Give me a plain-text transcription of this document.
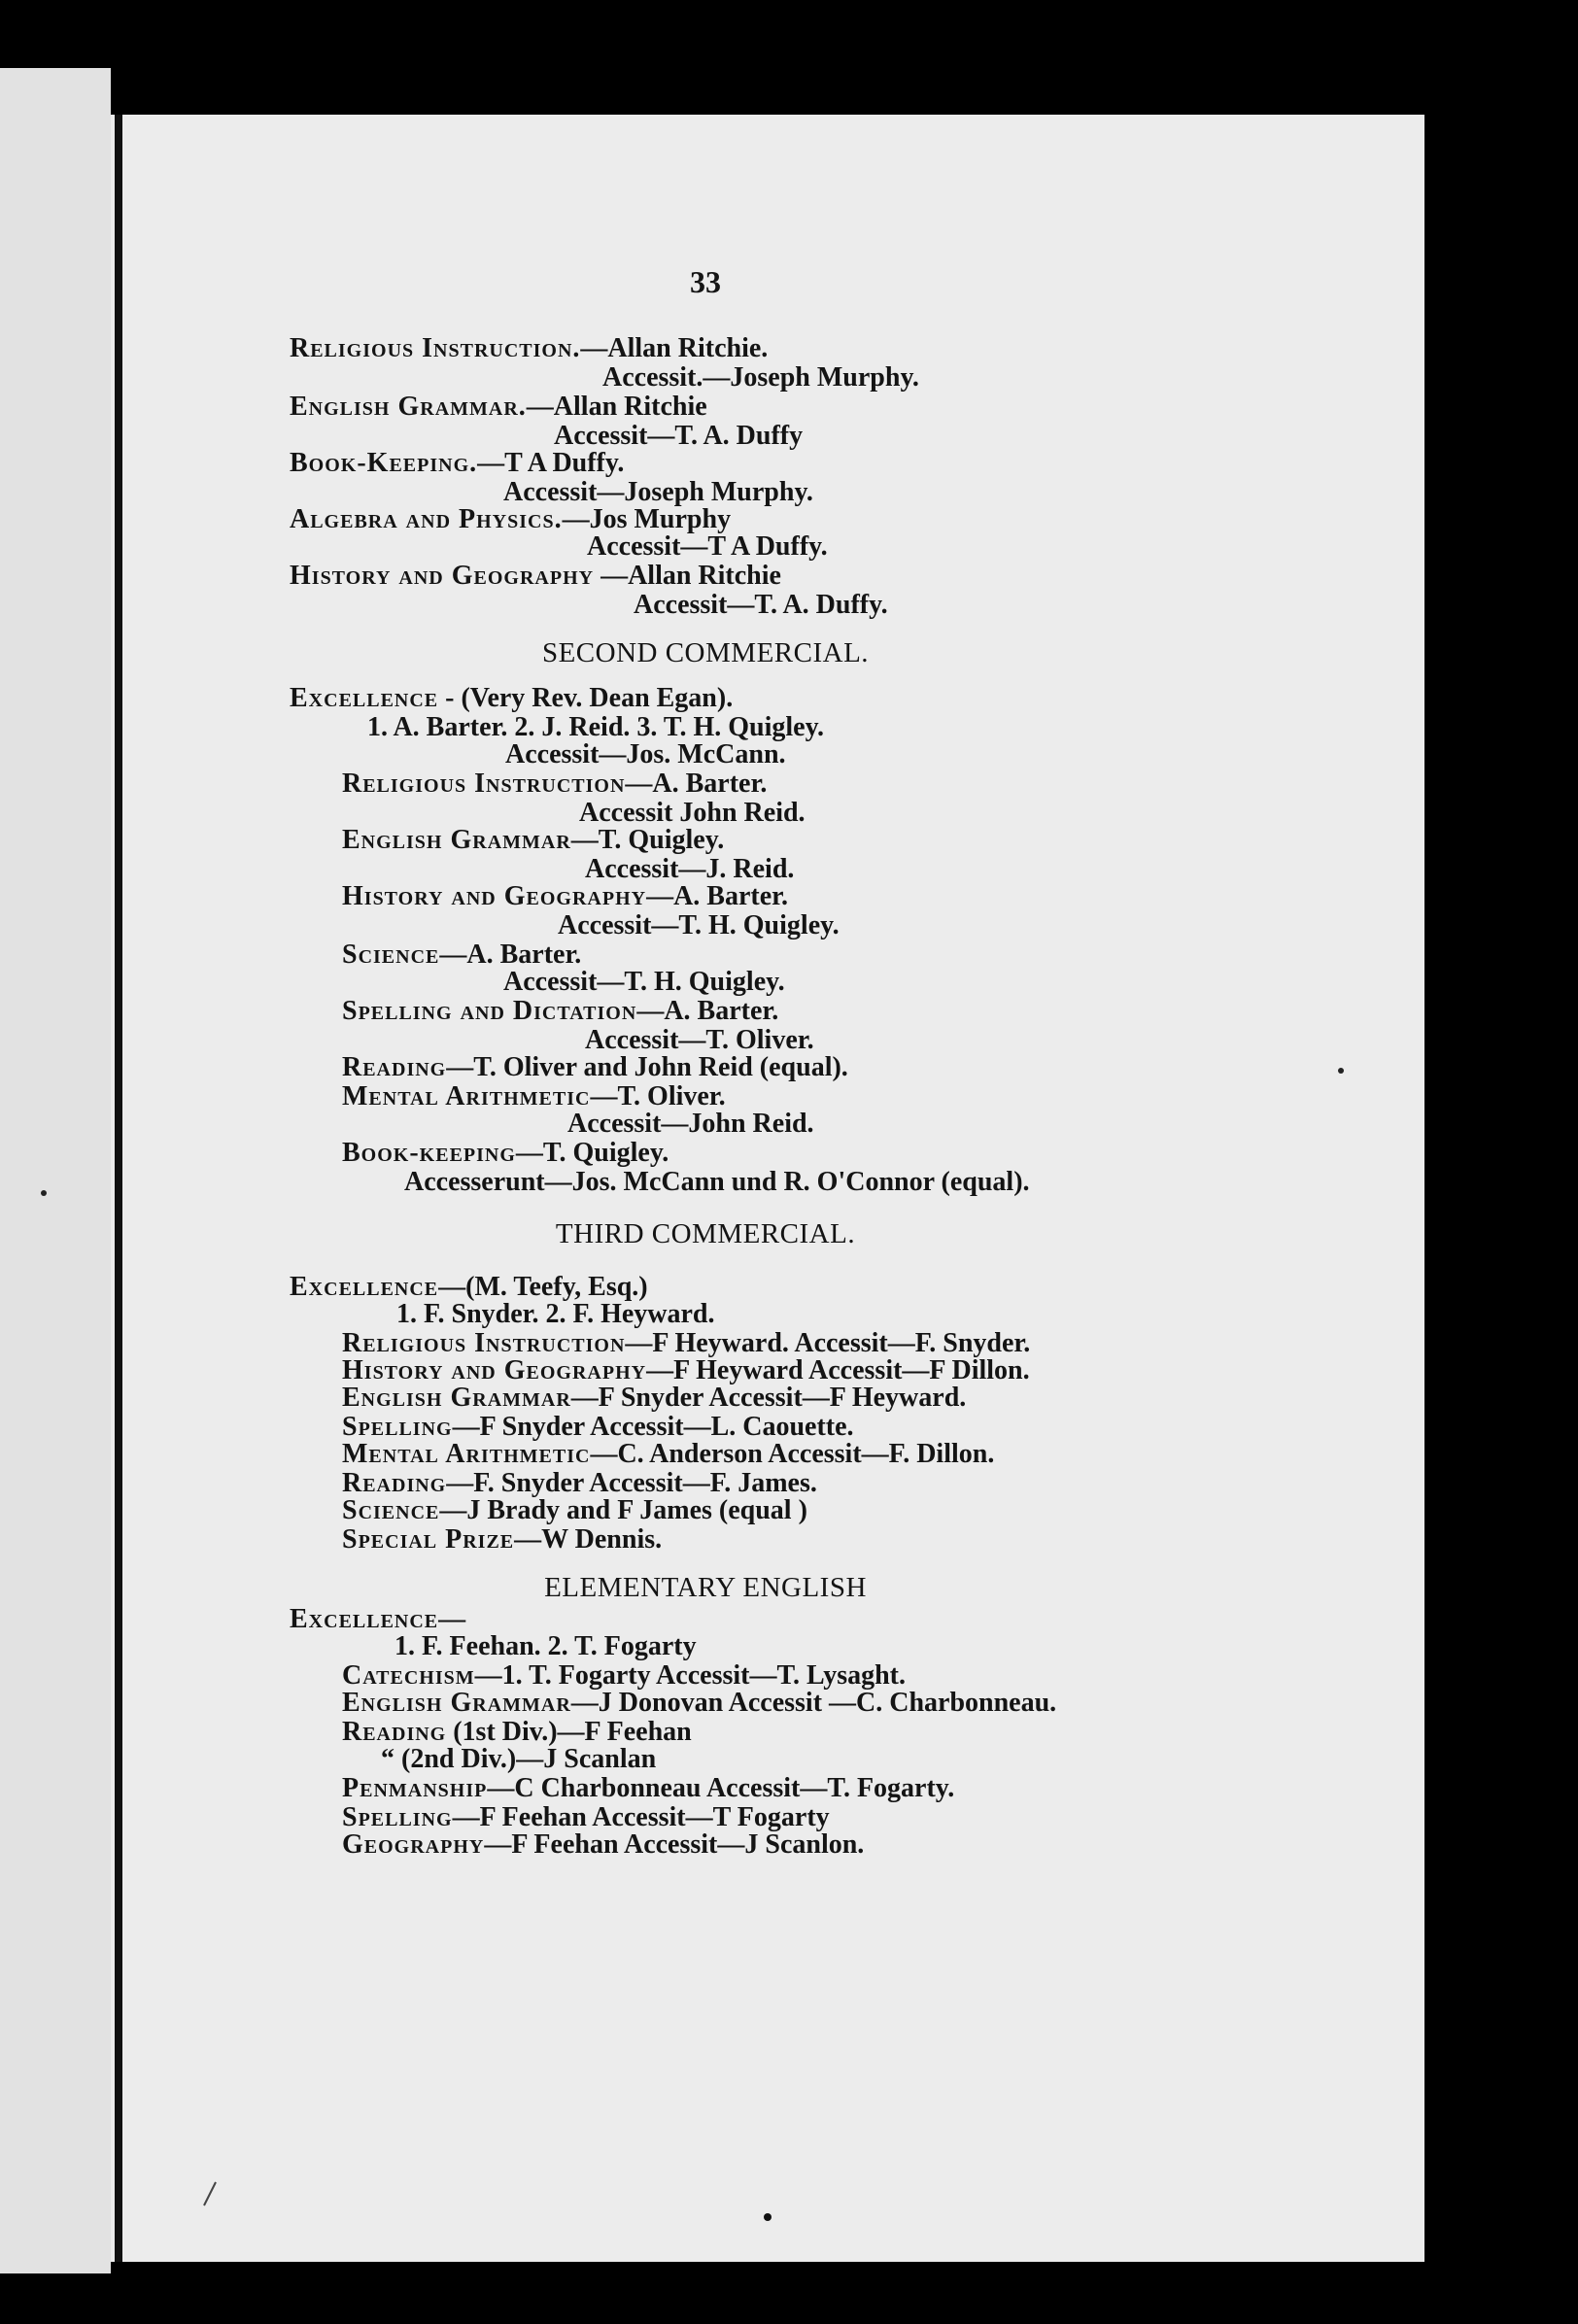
33
Religious Instruction.—Allan Ritchie.
Accessit.—Joseph Murphy.
English Grammar.—Allan Ritchie
Accessit—T. A. Duffy
Book-Keeping.—T A Duffy.
Accessit—Joseph Murphy.
Algebra and Physics.—Jos Murphy
Accessit—T A Duffy.
History and Geography —Allan Ritchie
Accessit—T. A. Duffy.
SECOND COMMERCIAL.
Excellence - (Very Rev. Dean Egan).
1. A. Barter. 2. J. Reid. 3. T. H. Quigley.
Accessit—Jos. McCann.
Religious Instruction—A. Barter.
Accessit John Reid.
English Grammar—T. Quigley.
Accessit—J. Reid.
History and Geography—A. Barter.
Accessit—T. H. Quigley.
Science—A. Barter.
Accessit—T. H. Quigley.
Spelling and Dictation—A. Barter.
Accessit—T. Oliver.
Reading—T. Oliver and John Reid (equal).
Mental Arithmetic—T. Oliver.
Accessit—John Reid.
Book-keeping—T. Quigley.
Accesserunt—Jos. McCann und R. O'Connor (equal).
THIRD COMMERCIAL.
Excellence—(M. Teefy, Esq.)
1. F. Snyder. 2. F. Heyward.
Religious Instruction—F Heyward. Accessit—F. Snyder.
History and Geography—F Heyward Accessit—F Dillon.
English Grammar—F Snyder Accessit—F Heyward.
Spelling—F Snyder Accessit—L. Caouette.
Mental Arithmetic—C. Anderson Accessit—F. Dillon.
Reading—F. Snyder Accessit—F. James.
Science—J Brady and F James (equal )
Special Prize—W Dennis.
ELEMENTARY ENGLISH
Excellence—
1. F. Feehan. 2. T. Fogarty
Catechism—1. T. Fogarty Accessit—T. Lysaght.
English Grammar—J Donovan Accessit —C. Charbonneau.
Reading (1st Div.)—F Feehan
“ (2nd Div.)—J Scanlan
Penmanship—C Charbonneau Accessit—T. Fogarty.
Spelling—F Feehan Accessit—T Fogarty
Geography—F Feehan Accessit—J Scanlon.
